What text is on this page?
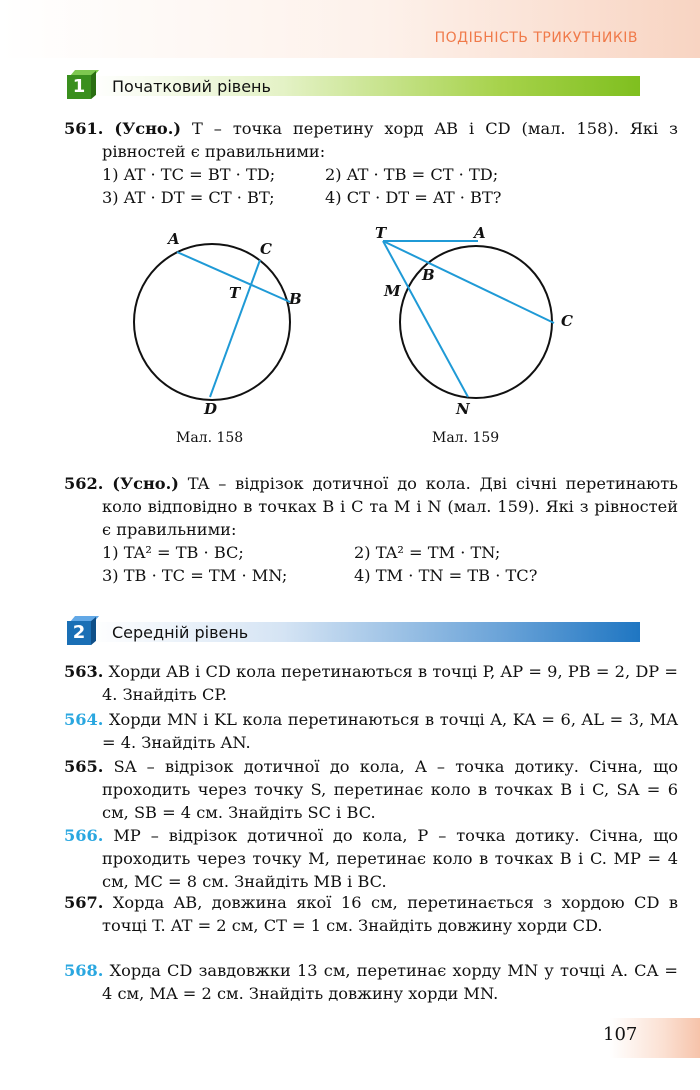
ПОДІБНІСТЬ ТРИКУТНИКІВ
1	Початковий рівень
561. (Усно.) T – точка перетину хорд AB і CD (мал. 158). Які з рівностей є правильними:
1) AT · TC = BT · TD;	2) AT · TB = CT · TD;
3) AT · DT = CT · BT;	4) CT · DT = AT · BT?
A
C
T	B
D
Мал. 158
T	A
B
M
C
N
Мал. 159
562. (Усно.) TA – відрізок дотичної до кола. Дві січні перетинають коло відповідно в точках B і C та M і N (мал. 159). Які з рівностей є правильними:
1) TA² = TB · BC;	2) TA² = TM · TN;
3) TB · TC = TM · MN;	4) TM · TN = TB · TC?
2	Середній рівень
563. Хорди AB і CD кола перетинаються в точці P, AP = 9, PB = 2, DP = 4. Знайдіть CP.
564. Хорди MN і KL кола перетинаються в точці A, KA = 6, AL = 3, MA = 4. Знайдіть AN.
565. SA – відрізок дотичної до кола, A – точка дотику. Січна, що проходить через точку S, перетинає коло в точках B і C, SA = 6 см, SB = 4 см. Знайдіть SC і BC.
566. MP – відрізок дотичної до кола, P – точка дотику. Січна, що проходить через точку M, перетинає коло в точках B і C. MP = 4 см, MC = 8 см. Знайдіть MB і BC.
567. Хорда AB, довжина якої 16 см, перетинається з хордою CD в точці T. AT = 2 см, CT = 1 см. Знайдіть довжину хорди CD.
568. Хорда CD завдовжки 13 см, перетинає хорду MN у точці A. CA = 4 см, MA = 2 см. Знайдіть довжину хорди MN.
107
